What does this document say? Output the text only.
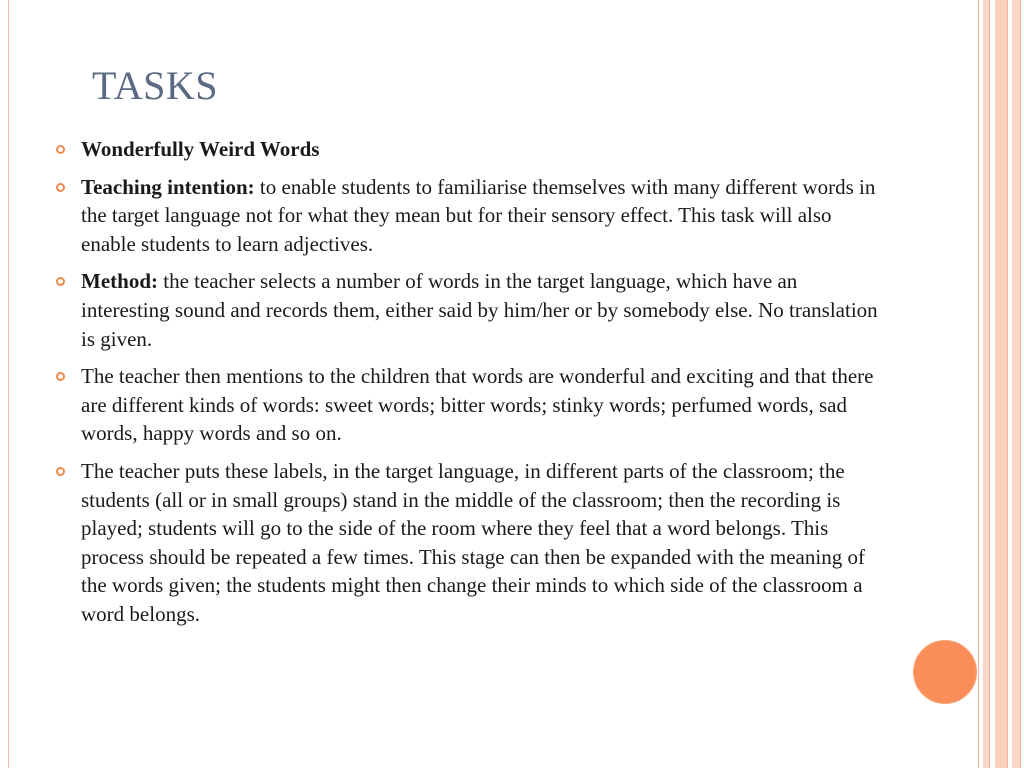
TASKS
Wonderfully Weird Words
Teaching intention: to enable students to familiarise themselves with many different words in the target language not for what they mean but for their sensory effect. This task will also enable students to learn adjectives.
Method: the teacher selects a number of words in the target language, which have an interesting sound and records them, either said by him/her or by somebody else. No translation is given.
The teacher then mentions to the children that words are wonderful and exciting and that there are different kinds of words: sweet words; bitter words; stinky words; perfumed words, sad words, happy words and so on.
The teacher puts these labels, in the target language, in different parts of the classroom; the students (all or in small groups) stand in the middle of the classroom; then the recording is played; students will go to the side of the room where they feel that a word belongs. This process should be repeated a few times. This stage can then be expanded with the meaning of the words given; the students might then change their minds to which side of the classroom a word belongs.
